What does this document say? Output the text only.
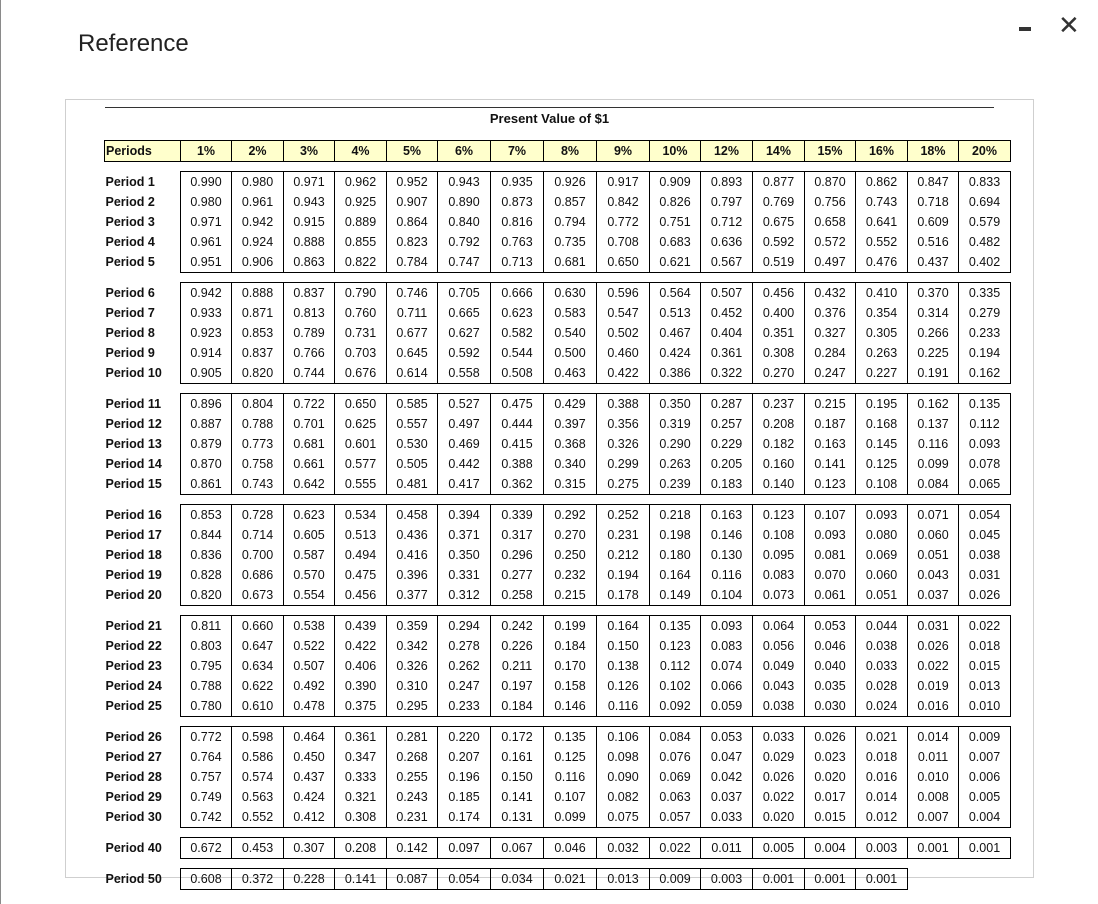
Reference
✕
Present Value of $1
Periods	1%	2%	3%	4%	5%	6%	7%	8%	9%	10%	12%	14%	15%	16%	18%	20%

Period 1	0.990	0.980	0.971	0.962	0.952	0.943	0.935	0.926	0.917	0.909	0.893	0.877	0.870	0.862	0.847	0.833
Period 2	0.980	0.961	0.943	0.925	0.907	0.890	0.873	0.857	0.842	0.826	0.797	0.769	0.756	0.743	0.718	0.694
Period 3	0.971	0.942	0.915	0.889	0.864	0.840	0.816	0.794	0.772	0.751	0.712	0.675	0.658	0.641	0.609	0.579
Period 4	0.961	0.924	0.888	0.855	0.823	0.792	0.763	0.735	0.708	0.683	0.636	0.592	0.572	0.552	0.516	0.482
Period 5	0.951	0.906	0.863	0.822	0.784	0.747	0.713	0.681	0.650	0.621	0.567	0.519	0.497	0.476	0.437	0.402

Period 6	0.942	0.888	0.837	0.790	0.746	0.705	0.666	0.630	0.596	0.564	0.507	0.456	0.432	0.410	0.370	0.335
Period 7	0.933	0.871	0.813	0.760	0.711	0.665	0.623	0.583	0.547	0.513	0.452	0.400	0.376	0.354	0.314	0.279
Period 8	0.923	0.853	0.789	0.731	0.677	0.627	0.582	0.540	0.502	0.467	0.404	0.351	0.327	0.305	0.266	0.233
Period 9	0.914	0.837	0.766	0.703	0.645	0.592	0.544	0.500	0.460	0.424	0.361	0.308	0.284	0.263	0.225	0.194
Period 10	0.905	0.820	0.744	0.676	0.614	0.558	0.508	0.463	0.422	0.386	0.322	0.270	0.247	0.227	0.191	0.162

Period 11	0.896	0.804	0.722	0.650	0.585	0.527	0.475	0.429	0.388	0.350	0.287	0.237	0.215	0.195	0.162	0.135
Period 12	0.887	0.788	0.701	0.625	0.557	0.497	0.444	0.397	0.356	0.319	0.257	0.208	0.187	0.168	0.137	0.112
Period 13	0.879	0.773	0.681	0.601	0.530	0.469	0.415	0.368	0.326	0.290	0.229	0.182	0.163	0.145	0.116	0.093
Period 14	0.870	0.758	0.661	0.577	0.505	0.442	0.388	0.340	0.299	0.263	0.205	0.160	0.141	0.125	0.099	0.078
Period 15	0.861	0.743	0.642	0.555	0.481	0.417	0.362	0.315	0.275	0.239	0.183	0.140	0.123	0.108	0.084	0.065

Period 16	0.853	0.728	0.623	0.534	0.458	0.394	0.339	0.292	0.252	0.218	0.163	0.123	0.107	0.093	0.071	0.054
Period 17	0.844	0.714	0.605	0.513	0.436	0.371	0.317	0.270	0.231	0.198	0.146	0.108	0.093	0.080	0.060	0.045
Period 18	0.836	0.700	0.587	0.494	0.416	0.350	0.296	0.250	0.212	0.180	0.130	0.095	0.081	0.069	0.051	0.038
Period 19	0.828	0.686	0.570	0.475	0.396	0.331	0.277	0.232	0.194	0.164	0.116	0.083	0.070	0.060	0.043	0.031
Period 20	0.820	0.673	0.554	0.456	0.377	0.312	0.258	0.215	0.178	0.149	0.104	0.073	0.061	0.051	0.037	0.026

Period 21	0.811	0.660	0.538	0.439	0.359	0.294	0.242	0.199	0.164	0.135	0.093	0.064	0.053	0.044	0.031	0.022
Period 22	0.803	0.647	0.522	0.422	0.342	0.278	0.226	0.184	0.150	0.123	0.083	0.056	0.046	0.038	0.026	0.018
Period 23	0.795	0.634	0.507	0.406	0.326	0.262	0.211	0.170	0.138	0.112	0.074	0.049	0.040	0.033	0.022	0.015
Period 24	0.788	0.622	0.492	0.390	0.310	0.247	0.197	0.158	0.126	0.102	0.066	0.043	0.035	0.028	0.019	0.013
Period 25	0.780	0.610	0.478	0.375	0.295	0.233	0.184	0.146	0.116	0.092	0.059	0.038	0.030	0.024	0.016	0.010

Period 26	0.772	0.598	0.464	0.361	0.281	0.220	0.172	0.135	0.106	0.084	0.053	0.033	0.026	0.021	0.014	0.009
Period 27	0.764	0.586	0.450	0.347	0.268	0.207	0.161	0.125	0.098	0.076	0.047	0.029	0.023	0.018	0.011	0.007
Period 28	0.757	0.574	0.437	0.333	0.255	0.196	0.150	0.116	0.090	0.069	0.042	0.026	0.020	0.016	0.010	0.006
Period 29	0.749	0.563	0.424	0.321	0.243	0.185	0.141	0.107	0.082	0.063	0.037	0.022	0.017	0.014	0.008	0.005
Period 30	0.742	0.552	0.412	0.308	0.231	0.174	0.131	0.099	0.075	0.057	0.033	0.020	0.015	0.012	0.007	0.004

Period 40	0.672	0.453	0.307	0.208	0.142	0.097	0.067	0.046	0.032	0.022	0.011	0.005	0.004	0.003	0.001	0.001

Period 50	0.608	0.372	0.228	0.141	0.087	0.054	0.034	0.021	0.013	0.009	0.003	0.001	0.001	0.001		
